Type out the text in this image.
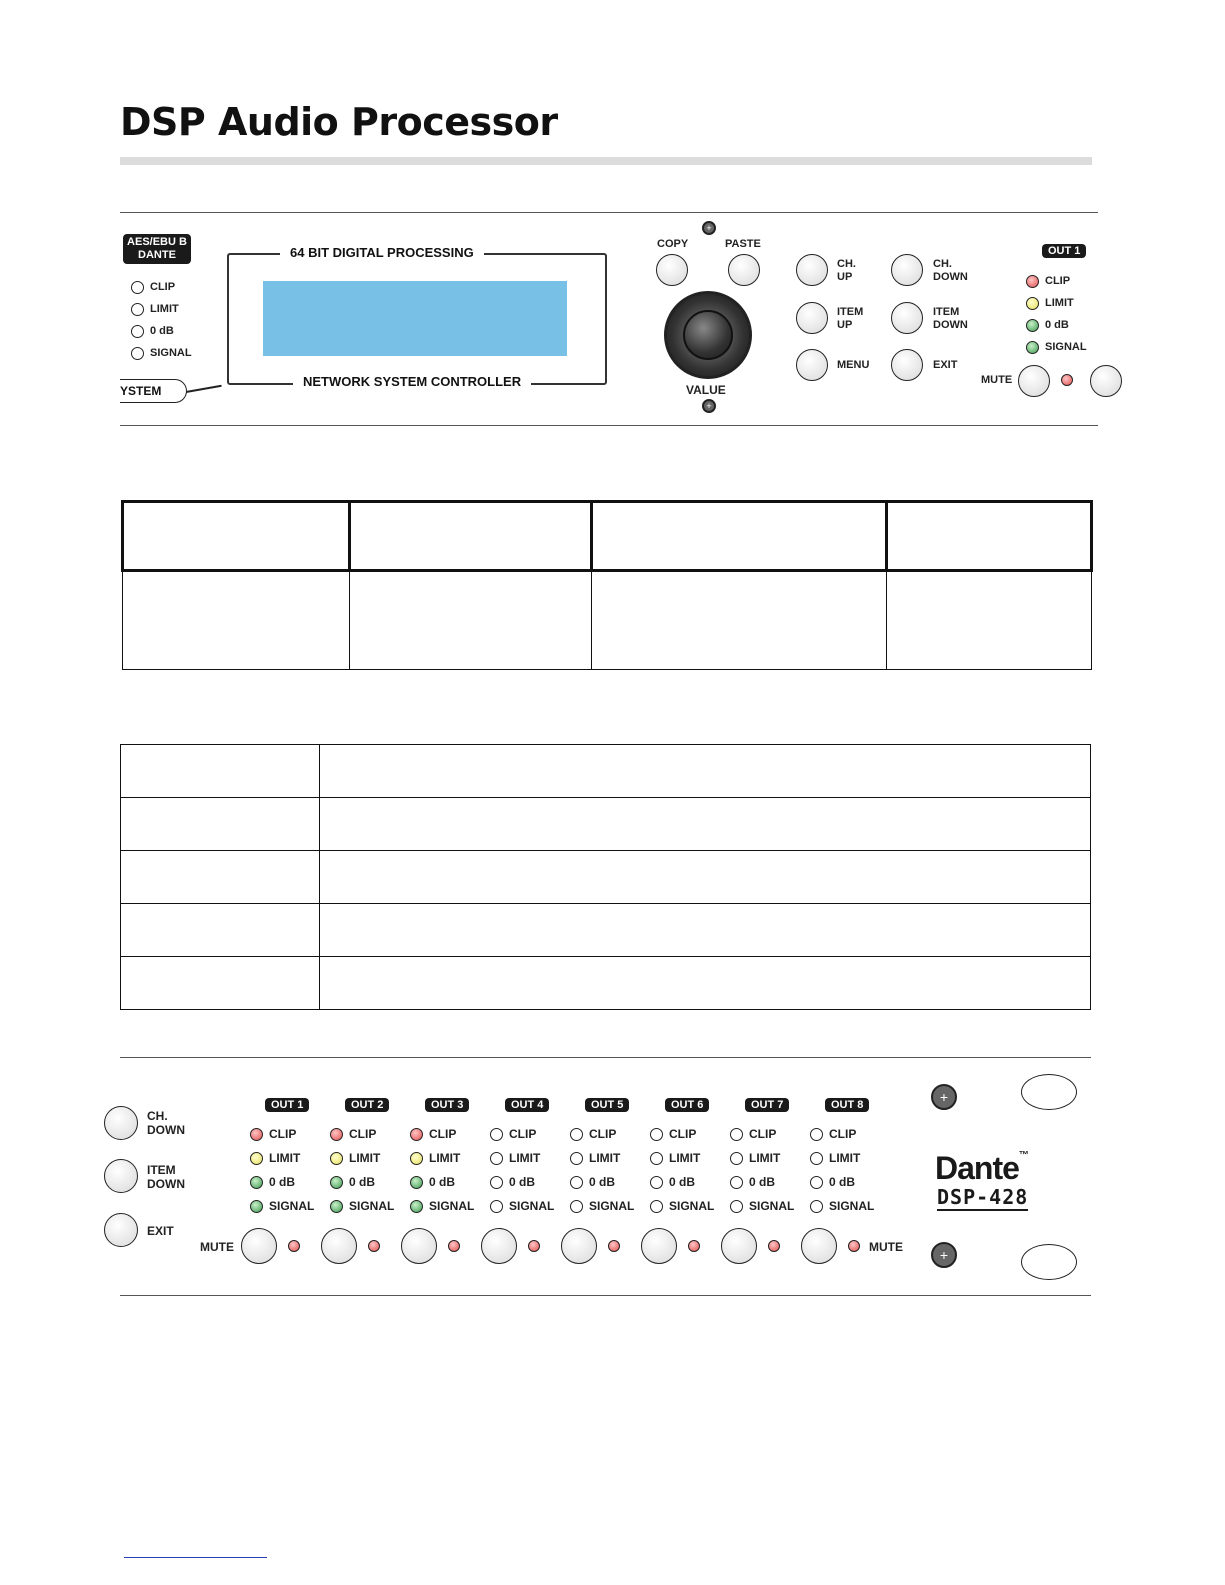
DSP Audio Processor
AES/EBU B
DANTE
CLIP
LIMIT
0 dB
SIGNAL
YSTEM
64 BIT DIGITAL PROCESSING
NETWORK SYSTEM CONTROLLER
+
COPY	PASTE
VALUE
+
CH.
UP
CH.
DOWN
ITEM
UP
ITEM
DOWN
MENU	EXIT
OUT 1
CLIP
LIMIT
0 dB
SIGNAL
MUTE

CH.
DOWN
ITEM
DOWN
EXIT
OUT 1
CLIP
LIMIT
0 dB
SIGNAL
OUT 2
CLIP
LIMIT
0 dB
SIGNAL
OUT 3
CLIP
LIMIT
0 dB
SIGNAL
OUT 4
CLIP
LIMIT
0 dB
SIGNAL
OUT 5
CLIP
LIMIT
0 dB
SIGNAL
OUT 6
CLIP
LIMIT
0 dB
SIGNAL
OUT 7
CLIP
LIMIT
0 dB
SIGNAL
OUT 8
CLIP
LIMIT
0 dB
SIGNAL
MUTE	MUTE
+
+
Dante™
DSP-428
